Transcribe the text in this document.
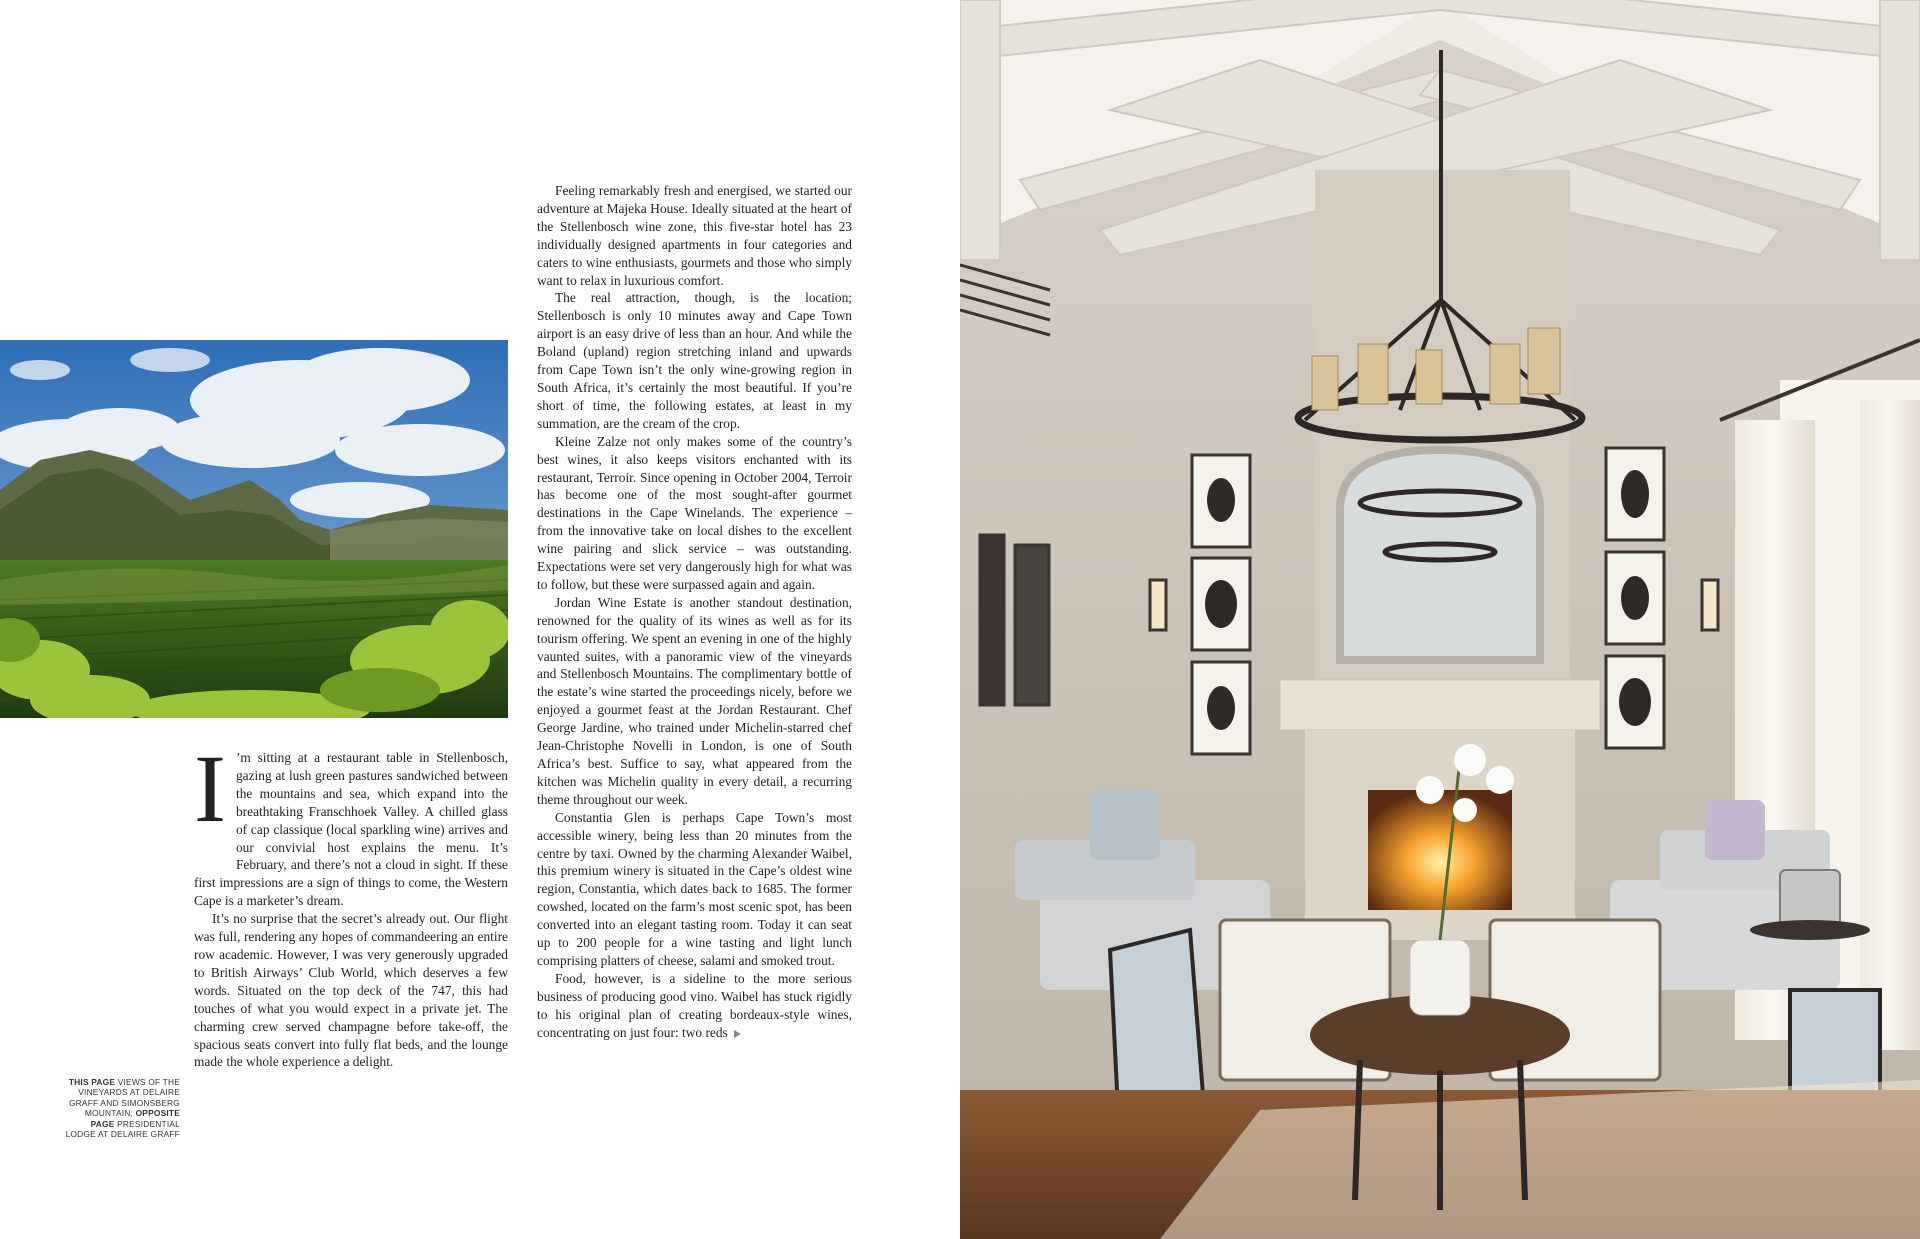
I ’m sitting at a restaurant table in Stellenbosch, gazing at lush green pastures sandwiched between the mountains and sea, which expand into the breathtaking Franschhoek Valley. A chilled glass of cap classique (local sparkling wine) arrives and our convivial host explains the menu. It’s February, and there’s not a cloud in sight. If these first impressions are a sign of things to come, the Western Cape is a marketer’s dream.

It’s no surprise that the secret’s already out. Our flight was full, rendering any hopes of commandeering an entire row academic. However, I was very generously upgraded to British Airways’ Club World, which deserves a few words. Situated on the top deck of the 747, this had touches of what you would expect in a private jet. The charming crew served champagne before take-off, the spacious seats convert into fully flat beds, and the lounge made the whole experience a delight.

THIS PAGE VIEWS OF THE VINEYARDS AT DELAIRE GRAFF AND SIMONSBERG MOUNTAIN; OPPOSITE PAGE PRESIDENTIAL LODGE AT DELAIRE GRAFF

Feeling remarkably fresh and energised, we started our adventure at Majeka House. Ideally situated at the heart of the Stellenbosch wine zone, this five-star hotel has 23 individually designed apartments in four categories and caters to wine enthusiasts, gourmets and those who simply want to relax in luxurious comfort.

The real attraction, though, is the location; Stellenbosch is only 10 minutes away and Cape Town airport is an easy drive of less than an hour. And while the Boland (upland) region stretching inland and upwards from Cape Town isn’t the only wine-growing region in South Africa, it’s certainly the most beautiful. If you’re short of time, the following estates, at least in my summation, are the cream of the crop.

Kleine Zalze not only makes some of the country’s best wines, it also keeps visitors enchanted with its restaurant, Terroir. Since opening in October 2004, Terroir has become one of the most sought-after gourmet destinations in the Cape Winelands. The experience – from the innovative take on local dishes to the excellent wine pairing and slick service – was outstanding. Expectations were set very dangerously high for what was to follow, but these were surpassed again and again.

Jordan Wine Estate is another standout destination, renowned for the quality of its wines as well as for its tourism offering. We spent an evening in one of the highly vaunted suites, with a panoramic view of the vineyards and Stellenbosch Mountains. The complimentary bottle of the estate’s wine started the proceedings nicely, before we enjoyed a gourmet feast at the Jordan Restaurant. Chef George Jardine, who trained under Michelin-starred chef Jean-Christophe Novelli in London, is one of South Africa’s best. Suffice to say, what appeared from the kitchen was Michelin quality in every detail, a recurring theme throughout our week.

Constantia Glen is perhaps Cape Town’s most accessible winery, being less than 20 minutes from the centre by taxi. Owned by the charming Alexander Waibel, this premium winery is situated in the Cape’s oldest wine region, Constantia, which dates back to 1685. The former cowshed, located on the farm’s most scenic spot, has been converted into an elegant tasting room. Today it can seat up to 200 people for a wine tasting and light lunch comprising platters of cheese, salami and smoked trout.

Food, however, is a sideline to the more serious business of producing good vino. Waibel has stuck rigidly to his original plan of creating bordeaux-style wines, concentrating on just four: two reds
